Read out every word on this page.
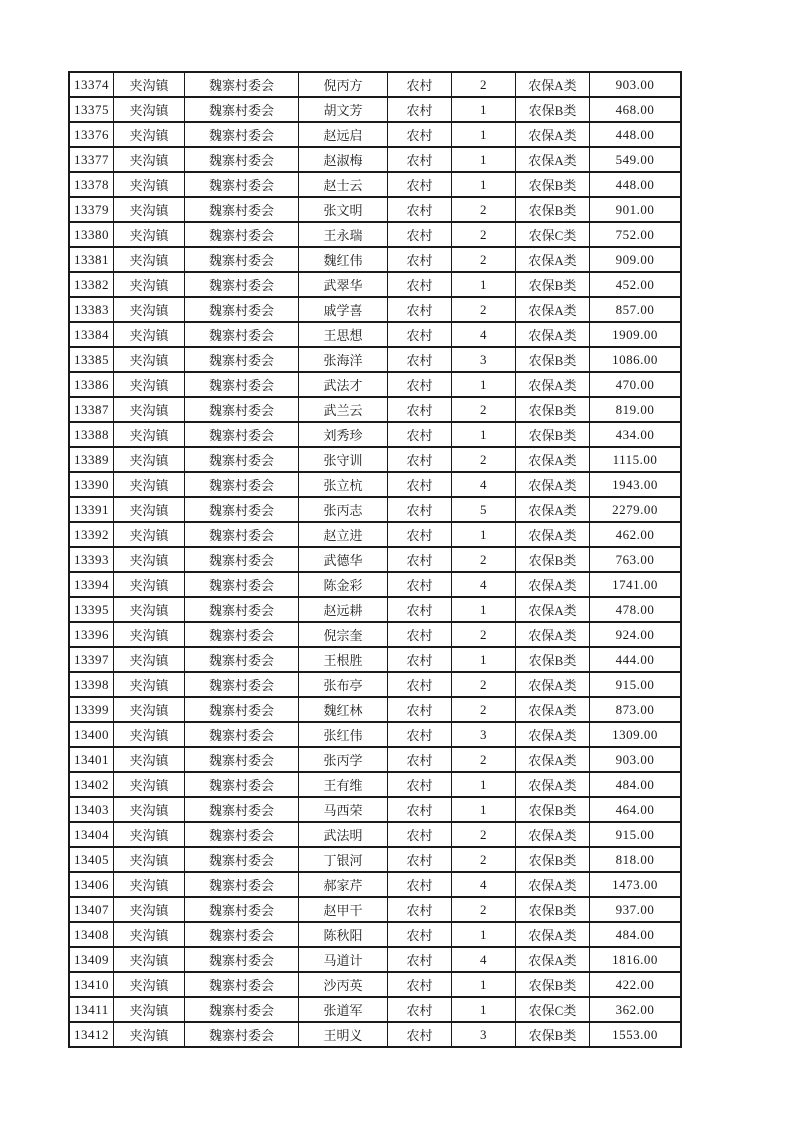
13374	夹沟镇	魏寨村委会	倪丙方	农村	2	农保A类	903.00
13375	夹沟镇	魏寨村委会	胡文芳	农村	1	农保B类	468.00
13376	夹沟镇	魏寨村委会	赵远启	农村	1	农保A类	448.00
13377	夹沟镇	魏寨村委会	赵淑梅	农村	1	农保A类	549.00
13378	夹沟镇	魏寨村委会	赵士云	农村	1	农保B类	448.00
13379	夹沟镇	魏寨村委会	张文明	农村	2	农保B类	901.00
13380	夹沟镇	魏寨村委会	王永瑞	农村	2	农保C类	752.00
13381	夹沟镇	魏寨村委会	魏红伟	农村	2	农保A类	909.00
13382	夹沟镇	魏寨村委会	武翠华	农村	1	农保B类	452.00
13383	夹沟镇	魏寨村委会	戚学喜	农村	2	农保A类	857.00
13384	夹沟镇	魏寨村委会	王思想	农村	4	农保A类	1909.00
13385	夹沟镇	魏寨村委会	张海洋	农村	3	农保B类	1086.00
13386	夹沟镇	魏寨村委会	武法才	农村	1	农保A类	470.00
13387	夹沟镇	魏寨村委会	武兰云	农村	2	农保B类	819.00
13388	夹沟镇	魏寨村委会	刘秀珍	农村	1	农保B类	434.00
13389	夹沟镇	魏寨村委会	张守训	农村	2	农保A类	1115.00
13390	夹沟镇	魏寨村委会	张立杭	农村	4	农保A类	1943.00
13391	夹沟镇	魏寨村委会	张丙志	农村	5	农保A类	2279.00
13392	夹沟镇	魏寨村委会	赵立进	农村	1	农保A类	462.00
13393	夹沟镇	魏寨村委会	武德华	农村	2	农保B类	763.00
13394	夹沟镇	魏寨村委会	陈金彩	农村	4	农保A类	1741.00
13395	夹沟镇	魏寨村委会	赵远耕	农村	1	农保A类	478.00
13396	夹沟镇	魏寨村委会	倪宗奎	农村	2	农保A类	924.00
13397	夹沟镇	魏寨村委会	王根胜	农村	1	农保B类	444.00
13398	夹沟镇	魏寨村委会	张布亭	农村	2	农保A类	915.00
13399	夹沟镇	魏寨村委会	魏红林	农村	2	农保A类	873.00
13400	夹沟镇	魏寨村委会	张红伟	农村	3	农保A类	1309.00
13401	夹沟镇	魏寨村委会	张丙学	农村	2	农保A类	903.00
13402	夹沟镇	魏寨村委会	王有维	农村	1	农保A类	484.00
13403	夹沟镇	魏寨村委会	马西荣	农村	1	农保B类	464.00
13404	夹沟镇	魏寨村委会	武法明	农村	2	农保A类	915.00
13405	夹沟镇	魏寨村委会	丁银河	农村	2	农保B类	818.00
13406	夹沟镇	魏寨村委会	郝家芹	农村	4	农保A类	1473.00
13407	夹沟镇	魏寨村委会	赵甲干	农村	2	农保B类	937.00
13408	夹沟镇	魏寨村委会	陈秋阳	农村	1	农保A类	484.00
13409	夹沟镇	魏寨村委会	马道计	农村	4	农保A类	1816.00
13410	夹沟镇	魏寨村委会	沙丙英	农村	1	农保B类	422.00
13411	夹沟镇	魏寨村委会	张道军	农村	1	农保C类	362.00
13412	夹沟镇	魏寨村委会	王明义	农村	3	农保B类	1553.00
